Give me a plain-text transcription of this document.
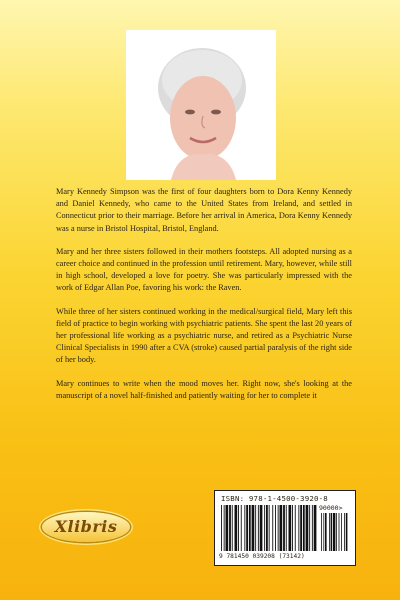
Mary Kennedy Simpson was the first of four daughters born to Dora Kenny Kennedy and Daniel Kennedy, who came to the United States from Ireland, and settled in Connecticut prior to their marriage. Before her arrival in America, Dora Kenny Kennedy was a nurse in Bristol Hospital, Bristol, England.

Mary and her three sisters followed in their mothers footsteps. All adopted nursing as a career choice and continued in the profession until retirement. Mary, however, while still in high school, developed a love for poetry. She was particularly impressed with the work of Edgar Allan Poe, favoring his work: the Raven.

While three of her sisters continued working in the medical/surgical field, Mary left this field of practice to begin working with psychiatric patients. She spent the last 20 years of her professional life working as a psychiatric nurse, and retired as a Psychiatric Nurse Clinical Specialists in 1990 after a CVA (stroke) caused partial paralysis of the right side of her body.

Mary continues to write when the mood moves her. Right now, she's looking at the manuscript of a novel half-finished and patiently waiting for her to complete it

Xlibris
ISBN: 978-1-4500-3920-8
90000>
9 781450 039208 (73142)
